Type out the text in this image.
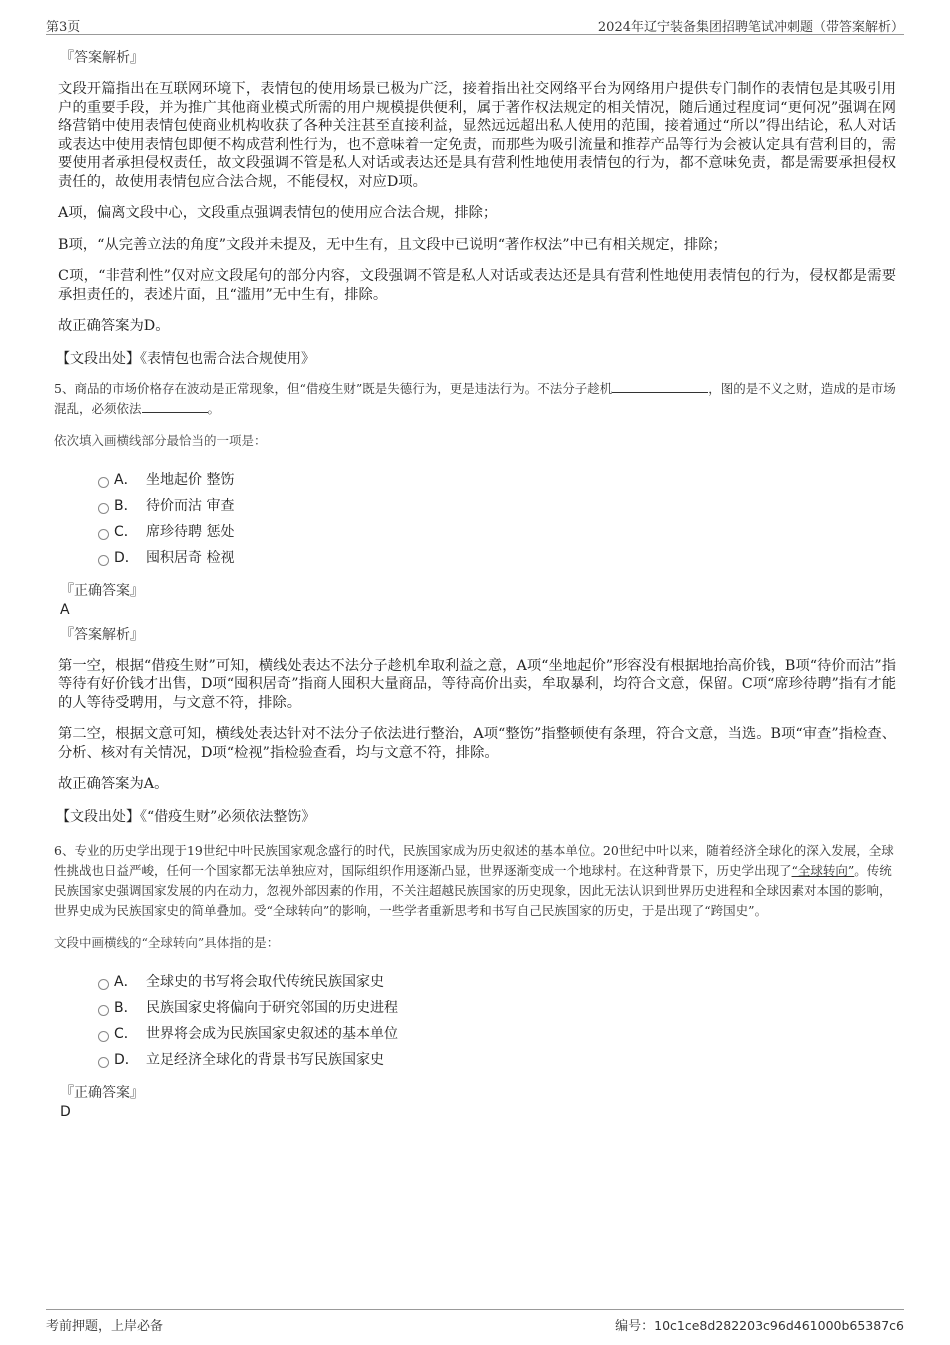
第3页	2024年辽宁装备集团招聘笔试冲刺题（带答案解析）
『答案解析』

文段开篇指出在互联网环境下，表情包的使用场景已极为广泛，接着指出社交网络平台为网络用户提供专门制作的表情包是其吸引用户的重要手段，并为推广其他商业模式所需的用户规模提供便利，属于著作权法规定的相关情况，随后通过程度词“更何况”强调在网络营销中使用表情包使商业机构收获了各种关注甚至直接利益，显然远远超出私人使用的范围，接着通过“所以”得出结论，私人对话或表达中使用表情包即便不构成营利性行为，也不意味着一定免责，而那些为吸引流量和推荐产品等行为会被认定具有营利目的，需要使用者承担侵权责任，故文段强调不管是私人对话或表达还是具有营利性地使用表情包的行为，都不意味免责，都是需要承担侵权责任的，故使用表情包应合法合规，不能侵权，对应D项。

A项，偏离文段中心，文段重点强调表情包的使用应合法合规，排除；

B项，“从完善立法的角度”文段并未提及，无中生有，且文段中已说明“著作权法”中已有相关规定，排除；

C项，“非营利性”仅对应文段尾句的部分内容，文段强调不管是私人对话或表达还是具有营利性地使用表情包的行为，侵权都是需要承担责任的，表述片面，且“滥用”无中生有，排除。

故正确答案为D。

【文段出处】《表情包也需合法合规使用》
5、商品的市场价格存在波动是正常现象，但“借疫生财”既是失德行为，更是违法行为。不法分子趁机	，图的是不义之财，造成的是市场混乱，必须依法	。
依次填入画横线部分最恰当的一项是：
A． 坐地起价 整饬
B． 待价而沽 审查
C． 席珍待聘 惩处
D． 囤积居奇 检视
『正确答案』
A
『答案解析』

第一空，根据“借疫生财”可知，横线处表达不法分子趁机牟取利益之意，A项“坐地起价”形容没有根据地抬高价钱，B项“待价而沽”指等待有好价钱才出售，D项“囤积居奇”指商人囤积大量商品，等待高价出卖，牟取暴利，均符合文意，保留。C项“席珍待聘”指有才能的人等待受聘用，与文意不符，排除。

第二空，根据文意可知，横线处表达针对不法分子依法进行整治，A项“整饬”指整顿使有条理，符合文意，当选。B项“审查”指检查、分析、核对有关情况，D项“检视”指检验查看，均与文意不符，排除。

故正确答案为A。

【文段出处】《“借疫生财”必须依法整饬》
6、专业的历史学出现于19世纪中叶民族国家观念盛行的时代，民族国家成为历史叙述的基本单位。20世纪中叶以来，随着经济全球化的深入发展，全球性挑战也日益严峻，任何一个国家都无法单独应对，国际组织作用逐渐凸显，世界逐渐变成一个地球村。在这种背景下，历史学出现了“全球转向”。传统民族国家史强调国家发展的内在动力，忽视外部因素的作用，不关注超越民族国家的历史现象，因此无法认识到世界历史进程和全球因素对本国的影响，世界史成为民族国家史的简单叠加。受“全球转向”的影响，一些学者重新思考和书写自己民族国家的历史，于是出现了“跨国史”。
文段中画横线的“全球转向”具体指的是：
A． 全球史的书写将会取代传统民族国家史
B． 民族国家史将偏向于研究邻国的历史进程
C． 世界将会成为民族国家史叙述的基本单位
D． 立足经济全球化的背景书写民族国家史
『正确答案』
D
考前押题，上岸必备	编号：10c1ce8d282203c96d461000b65387c6
